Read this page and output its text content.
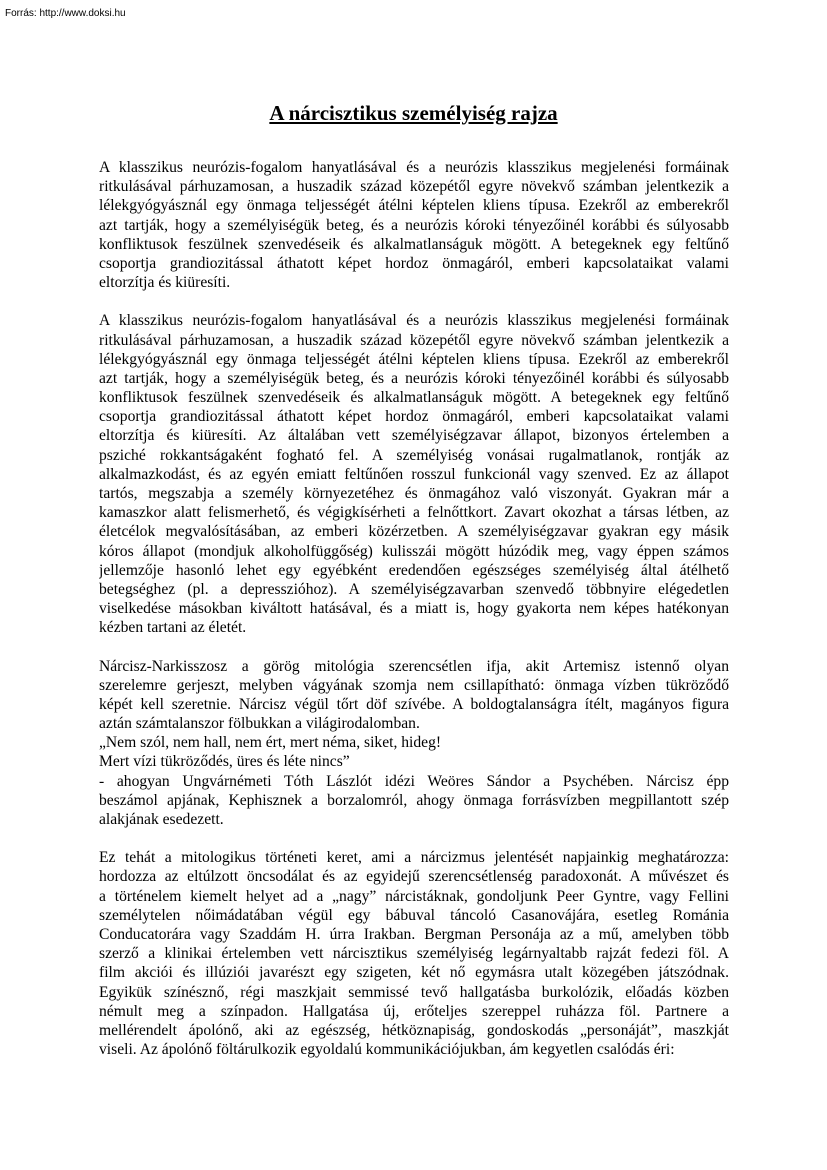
Forrás: http://www.doksi.hu
A nárcisztikus személyiség rajza
A klasszikus neurózis-fogalom hanyatlásával és a neurózis klasszikus megjelenési formáinak
ritkulásával párhuzamosan, a huszadik század közepétől egyre növekvő számban jelentkezik a
lélekgyógyásznál egy önmaga teljességét átélni képtelen kliens típusa. Ezekről az emberekről
azt tartják, hogy a személyiségük beteg, és a neurózis kóroki tényezőinél korábbi és súlyosabb
konfliktusok feszülnek szenvedéseik és alkalmatlanságuk mögött. A betegeknek egy feltűnő
csoportja grandiozitással áthatott képet hordoz önmagáról, emberi kapcsolataikat valami
eltorzítja és kiüresíti.
A klasszikus neurózis-fogalom hanyatlásával és a neurózis klasszikus megjelenési formáinak
ritkulásával párhuzamosan, a huszadik század közepétől egyre növekvő számban jelentkezik a
lélekgyógyásznál egy önmaga teljességét átélni képtelen kliens típusa. Ezekről az emberekről
azt tartják, hogy a személyiségük beteg, és a neurózis kóroki tényezőinél korábbi és súlyosabb
konfliktusok feszülnek szenvedéseik és alkalmatlanságuk mögött. A betegeknek egy feltűnő
csoportja grandiozitással áthatott képet hordoz önmagáról, emberi kapcsolataikat valami
eltorzítja és kiüresíti. Az általában vett személyiségzavar állapot, bizonyos értelemben a
psziché rokkantságaként fogható fel. A személyiség vonásai rugalmatlanok, rontják az
alkalmazkodást, és az egyén emiatt feltűnően rosszul funkcionál vagy szenved. Ez az állapot
tartós, megszabja a személy környezetéhez és önmagához való viszonyát. Gyakran már a
kamaszkor alatt felismerhető, és végigkísérheti a felnőttkort. Zavart okozhat a társas létben, az
életcélok megvalósításában, az emberi közérzetben. A személyiségzavar gyakran egy másik
kóros állapot (mondjuk alkoholfüggőség) kulisszái mögött húzódik meg, vagy éppen számos
jellemzője hasonló lehet egy egyébként eredendően egészséges személyiség által átélhető
betegséghez (pl. a depresszióhoz). A személyiségzavarban szenvedő többnyire elégedetlen
viselkedése másokban kiváltott hatásával, és a miatt is, hogy gyakorta nem képes hatékonyan
kézben tartani az életét.
Nárcisz-Narkisszosz a görög mitológia szerencsétlen ifja, akit Artemisz istennő olyan
szerelemre gerjeszt, melyben vágyának szomja nem csillapítható: önmaga vízben tükröződő
képét kell szeretnie. Nárcisz végül tőrt döf szívébe. A boldogtalanságra ítélt, magányos figura
aztán számtalanszor fölbukkan a világirodalomban.
„Nem szól, nem hall, nem ért, mert néma, siket, hideg!
Mert vízi tükröződés, üres és léte nincs”
- ahogyan Ungvárnémeti Tóth Lászlót idézi Weöres Sándor a Psychében. Nárcisz épp
beszámol apjának, Kephisznek a borzalomról, ahogy önmaga forrásvízben megpillantott szép
alakjának esedezett.
Ez tehát a mitologikus történeti keret, ami a nárcizmus jelentését napjainkig meghatározza:
hordozza az eltúlzott öncsodálat és az egyidejű szerencsétlenség paradoxonát. A művészet és
a történelem kiemelt helyet ad a „nagy” nárcistáknak, gondoljunk Peer Gyntre, vagy Fellini
személytelen nőimádatában végül egy bábuval táncoló Casanovájára, esetleg Románia
Conducatorára vagy Szaddám H. úrra Irakban. Bergman Personája az a mű, amelyben több
szerző a klinikai értelemben vett nárcisztikus személyiség legárnyaltabb rajzát fedezi föl. A
film akciói és illúziói javarészt egy szigeten, két nő egymásra utalt közegében játszódnak.
Egyikük színésznő, régi maszkjait semmissé tevő hallgatásba burkolózik, előadás közben
némult meg a színpadon. Hallgatása új, erőteljes szereppel ruházza föl. Partnere a
mellérendelt ápolónő, aki az egészség, hétköznapiság, gondoskodás „personáját”, maszkját
viseli. Az ápolónő föltárulkozik egyoldalú kommunikációjukban, ám kegyetlen csalódás éri:
